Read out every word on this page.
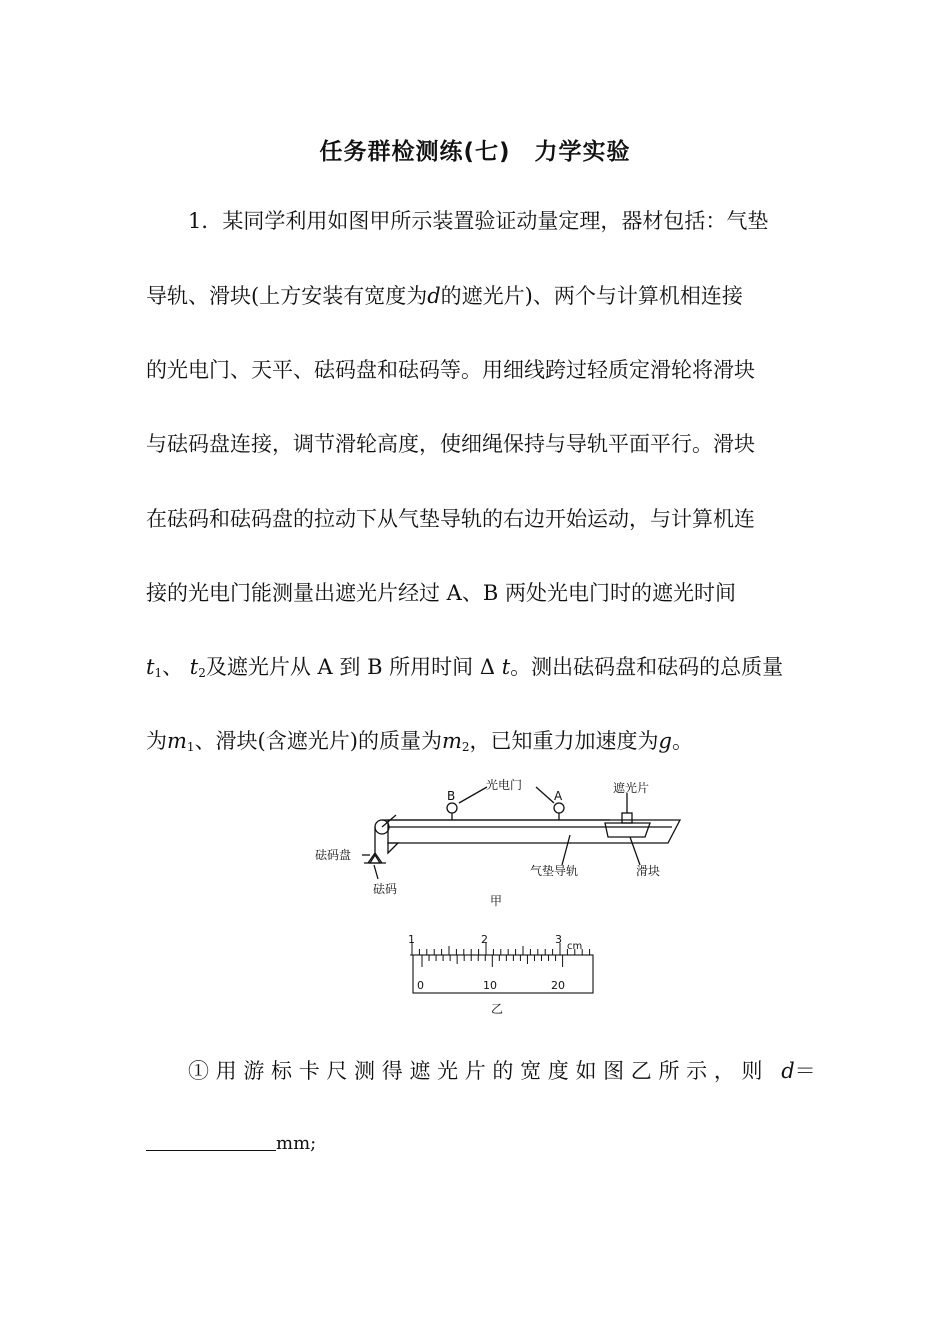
任务群检测练(七)　力学实验
1．某同学利用如图甲所示装置验证动量定理，器材包括：气垫
导轨、滑块(上方安装有宽度为d的遮光片)、两个与计算机相连接
的光电门、天平、砝码盘和砝码等。用细线跨过轻质定滑轮将滑块
与砝码盘连接，调节滑轮高度，使细绳保持与导轨平面平行。滑块
在砝码和砝码盘的拉动下从气垫导轨的右边开始运动，与计算机连
接的光电门能测量出遮光片经过 A、B 两处光电门时的遮光时间
$t_1$、 $t_2$及遮光片从 A 到 B 所用时间 Δ t。测出砝码盘和砝码的总质量
为$m_1$、滑块(含遮光片)的质量为$m_2$，已知重力加速度为g。
光电门
B	A
遮光片
砝码盘
砝码
气垫导轨	滑块
甲
1	2	3
cm
0	10	20
乙
① 用 游 标 卡 尺 测 得 遮 光 片 的 宽 度 如 图 乙 所 示 ， 则 d＝
mm;
